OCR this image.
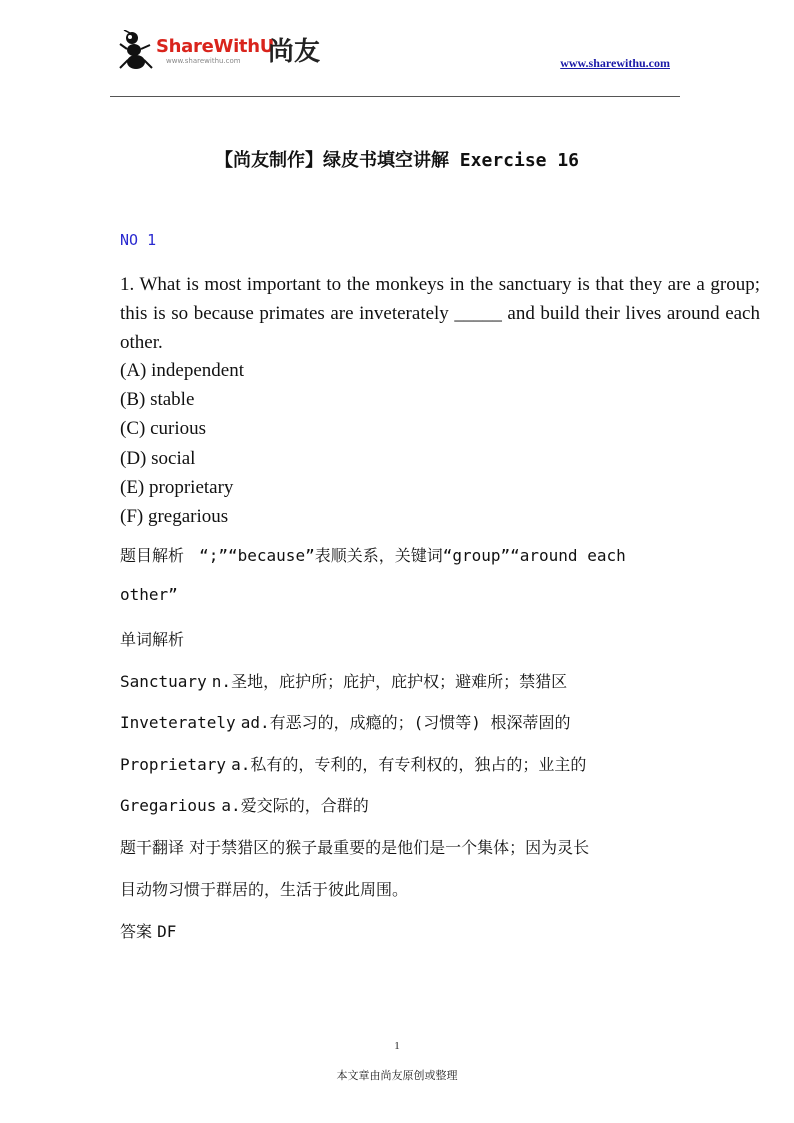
ShareWithU
尚友
www.sharewithu.com	www.sharewithu.com
【尚友制作】绿皮书填空讲解 Exercise 16
NO 1
1. What is most important to the monkeys in the sanctuary is that they are a group; this is so because primates are inveterately _____ and build their lives around each other.
(A) independent
(B) stable
(C) curious
(D) social
(E) proprietary
(F) gregarious
题目解析 “;”“because”表顺关系，关键词“group”“around each
other”
单词解析
Sanctuary n.圣地，庇护所；庇护，庇护权；避难所；禁猎区
Inveterately ad.有恶习的，成瘾的；(习惯等) 根深蒂固的
Proprietary a.私有的，专利的，有专利权的，独占的；业主的
Gregarious a.爱交际的，合群的
题干翻译 对于禁猎区的猴子最重要的是他们是一个集体；因为灵长
目动物习惯于群居的，生活于彼此周围。
答案 DF
1
本文章由尚友原创或整理
